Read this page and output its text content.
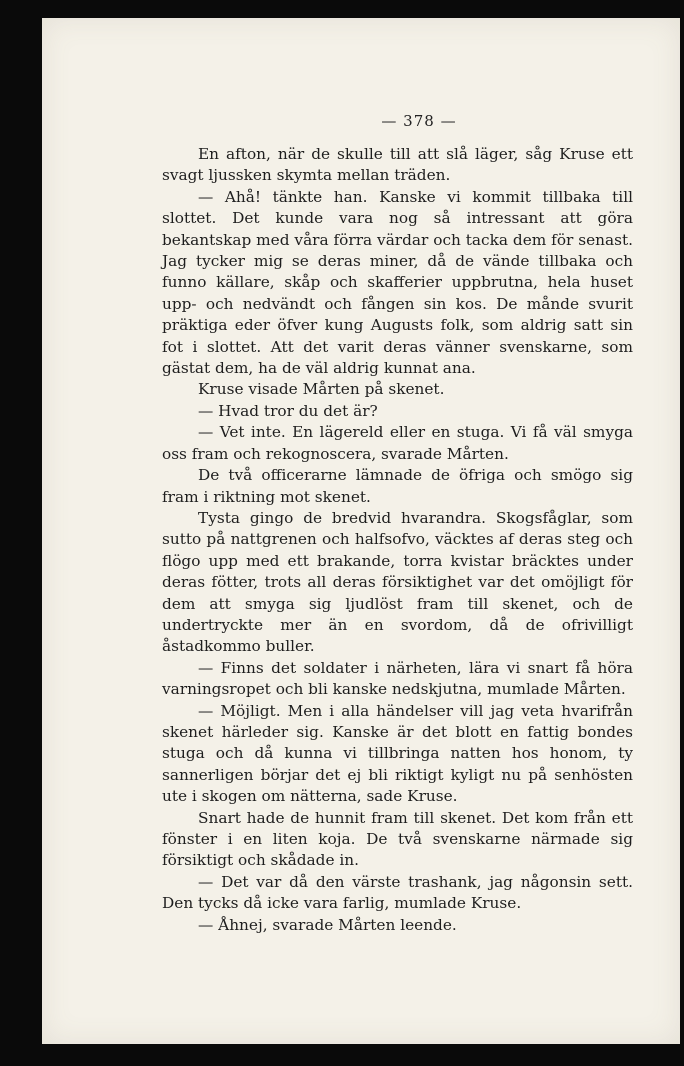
— 378 —

En afton, när de skulle till att slå läger, såg Kruse ett svagt ljussken skymta mellan träden.

— Ahå! tänkte han. Kanske vi kommit tillbaka till slottet. Det kunde vara nog så intressant att göra bekantskap med våra förra värdar och tacka dem för senast. Jag tycker mig se deras miner, då de vände tillbaka och funno källare, skåp och skafferier uppbrutna, hela huset upp- och nedvändt och fången sin kos. De månde svurit präktiga eder öfver kung Augusts folk, som aldrig satt sin fot i slottet. Att det varit deras vänner svenskarne, som gästat dem, ha de väl aldrig kunnat ana.

Kruse visade Mårten på skenet.

— Hvad tror du det är?

— Vet inte. En lägereld eller en stuga. Vi få väl smyga oss fram och rekognoscera, svarade Mårten.

De två officerarne lämnade de öfriga och smögo sig fram i riktning mot skenet.

Tysta gingo de bredvid hvarandra. Skogsfåglar, som sutto på nattgrenen och halfsofvo, väcktes af deras steg och flögo upp med ett brakande, torra kvistar bräcktes under deras fötter, trots all deras försiktighet var det omöjligt för dem att smyga sig ljudlöst fram till skenet, och de undertryckte mer än en svordom, då de ofrivilligt åstadkommo buller.

— Finns det soldater i närheten, lära vi snart få höra varningsropet och bli kanske nedskjutna, mumlade Mårten.

— Möjligt. Men i alla händelser vill jag veta hvarifrån skenet härleder sig. Kanske är det blott en fattig bondes stuga och då kunna vi tillbringa natten hos honom, ty sannerligen börjar det ej bli riktigt kyligt nu på senhösten ute i skogen om nätterna, sade Kruse.

Snart hade de hunnit fram till skenet. Det kom från ett fönster i en liten koja. De två svenskarne närmade sig försiktigt och skådade in.

— Det var då den värste trashank, jag någonsin sett. Den tycks då icke vara farlig, mumlade Kruse.

— Åhnej, svarade Mårten leende.
